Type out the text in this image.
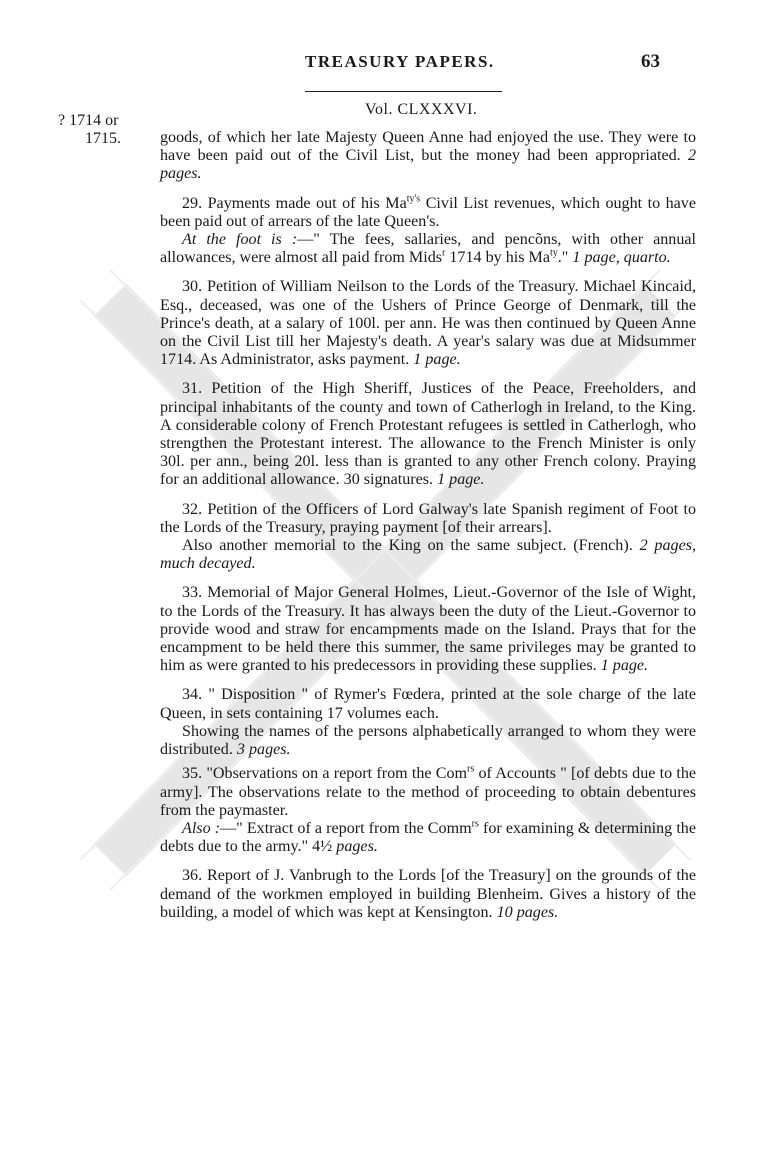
TREASURY PAPERS.	63
Vol. CLXXXVI.
? 1714 or
1715. goods, of which her late Majesty Queen Anne had enjoyed the use. They were to have been paid out of the Civil List, but the money had been appropriated. 2 pages.

29. Payments made out of his $Ma^{ty's}$ Civil List revenues, which ought to have been paid out of arrears of the late Queen's.

At the foot is :—" The fees, sallaries, and pencõns, with other annual allowances, were almost all paid from Mids$^r$ 1714 by his $Ma^{ty}$." 1 page, quarto.

30. Petition of William Neilson to the Lords of the Treasury. Michael Kincaid, Esq., deceased, was one of the Ushers of Prince George of Denmark, till the Prince's death, at a salary of 100l. per ann. He was then continued by Queen Anne on the Civil List till her Majesty's death. A year's salary was due at Midsummer 1714. As Administrator, asks payment. 1 page.

31. Petition of the High Sheriff, Justices of the Peace, Freeholders, and principal inhabitants of the county and town of Catherlogh in Ireland, to the King. A considerable colony of French Protestant refugees is settled in Catherlogh, who strengthen the Protestant interest. The allowance to the French Minister is only 30l. per ann., being 20l. less than is granted to any other French colony. Praying for an additional allowance. 30 signatures. 1 page.

32. Petition of the Officers of Lord Galway's late Spanish regiment of Foot to the Lords of the Treasury, praying payment [of their arrears].

Also another memorial to the King on the same subject. (French). 2 pages, much decayed.

33. Memorial of Major General Holmes, Lieut.-Governor of the Isle of Wight, to the Lords of the Treasury. It has always been the duty of the Lieut.-Governor to provide wood and straw for encampments made on the Island. Prays that for the encampment to be held there this summer, the same privileges may be granted to him as were granted to his predecessors in providing these supplies. 1 page.

34. " Disposition " of Rymer's Fœdera, printed at the sole charge of the late Queen, in sets containing 17 volumes each.

Showing the names of the persons alphabetically arranged to whom they were distributed. 3 pages.

35. "Observations on a report from the Com$^{rs}$ of Accounts " [of debts due to the army]. The observations relate to the method of proceeding to obtain debentures from the paymaster.

Also :—" Extract of a report from the Comm$^{rs}$ for examining & determining the debts due to the army." 4½ pages.

36. Report of J. Vanbrugh to the Lords [of the Treasury] on the grounds of the demand of the workmen employed in building Blenheim. Gives a history of the building, a model of which was kept at Kensington. 10 pages.
